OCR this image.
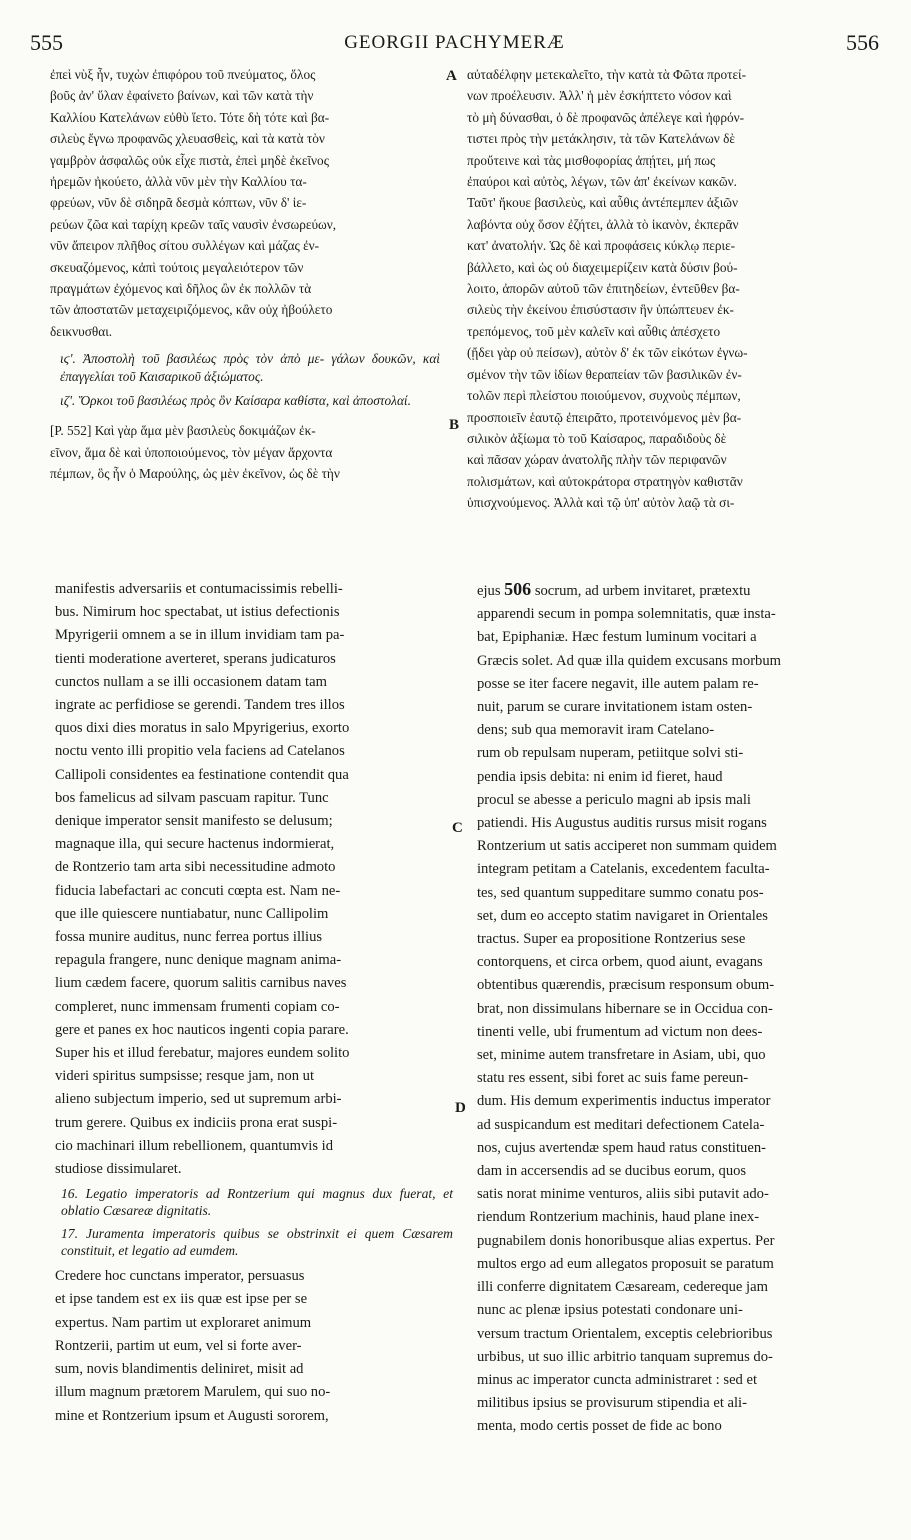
555	GEORGII PACHYMERÆ	556
ἐπεὶ νὺξ ἦν, τυχὼν ἐπιφόρου τοῦ πνεύματος, ὅλος
βοῦς ἀν' ὕλαν ἐφαίνετο βαίνων, καὶ τῶν κατὰ τὴν
Καλλίου Κατελάνων εὐθὺ ἵετο. Τότε δὴ τότε καὶ βα-
σιλεὺς ἔγνω προφανῶς χλευασθεὶς, καὶ τὰ κατὰ τὸν
γαμβρὸν ἀσφαλῶς οὐκ εἶχε πιστὰ, ἐπεὶ μηδὲ ἐκεῖνος
ἠρεμῶν ἠκούετο, ἀλλὰ νῦν μὲν τὴν Καλλίου τα-
φρεύων, νῦν δὲ σιδηρᾶ δεσμὰ κόπτων, νῦν δ' ἱε-
ρεύων ζῶα καὶ ταρίχη κρεῶν ταῖς ναυσὶν ἐνσωρεύων,
νῦν ἄπειρον πλῆθος σίτου συλλέγων καὶ μάζας ἐν-
σκευαζόμενος, κἀπὶ τούτοις μεγαλειότερον τῶν
πραγμάτων ἐχόμενος καὶ δῆλος ὢν ἐκ πολλῶν τὰ
τῶν ἀποστατῶν μεταχειριζόμενος, κἂν οὐχ ἠβούλετο
δεικνυσθαι.
ιϛ'. Ἀποστολὴ τοῦ βασιλέως πρὸς τὸν ἀπὸ με- γάλων δουκῶν, καὶ ἐπαγγελίαι τοῦ Καισαρικοῦ ἀξιώματος.
ιζ'. Ὅρκοι τοῦ βασιλέως πρὸς ὃν Καίσαρα καθίστα, καὶ ἀποστολαί.
[P. 552] Καὶ γὰρ ἅμα μὲν βασιλεὺς δοκιμάζων ἐκ-
εῖνον, ἅμα δὲ καὶ ὑποποιούμενος, τὸν μέγαν ἄρχοντα
πέμπων, ὃς ἦν ὁ Μαρούλης, ὡς μὲν ἐκεῖνον, ὡς δὲ τὴν
αὐταδέλφην μετεκαλεῖτο, τὴν κατὰ τὰ Φῶτα προτεί-
νων προέλευσιν. Ἀλλ' ἡ μὲν ἐσκήπτετο νόσον καὶ
τὸ μὴ δύνασθαι, ὁ δὲ προφανῶς ἀπέλεγε καὶ ἠφρόν-
τιστει πρὸς τὴν μετάκλησιν, τὰ τῶν Κατελάνων δὲ
προὔτεινε καὶ τὰς μισθοφορίας ἀπῄτει, μή πως
ἐπαύροι καὶ αὐτὸς, λέγων, τῶν ἀπ' ἐκείνων κακῶν.
Ταῦτ' ἤκουε βασιλεὺς, καὶ αὖθις ἀντέπεμπεν ἀξιῶν
λαβόντα οὐχ ὅσον ἐζήτει, ἀλλὰ τὸ ἱκανὸν, ἐκπερᾶν
κατ' ἀνατολήν. Ὡς δὲ καὶ προφάσεις κύκλῳ περιε-
βάλλετο, καὶ ὡς οὐ διαχειμερίζειν κατὰ δύσιν βού-
λοιτο, ἀπορῶν αὐτοῦ τῶν ἐπιτηδείων, ἐντεῦθεν βα-
σιλεὺς τὴν ἐκείνου ἐπισύστασιν ἣν ὑπώπτευεν ἐκ-
τρεπόμενος, τοῦ μὲν καλεῖν καὶ αὖθις ἀπέσχετο
(ᾔδει γὰρ οὐ πείσων), αὐτὸν δ' ἐκ τῶν εἰκότων ἐγνω-
σμένον τὴν τῶν ἰδίων θεραπείαν τῶν βασιλικῶν ἐν-
τολῶν περὶ πλείστου ποιούμενον, συχνοὺς πέμπων,
προσποιεῖν ἑαυτῷ ἐπειρᾶτο, προτεινόμενος μὲν βα-
σιλικὸν ἀξίωμα τὸ τοῦ Καίσαρος, παραδιδοὺς δὲ
καὶ πᾶσαν χώραν ἀνατολῆς πλὴν τῶν περιφανῶν
πολισμάτων, καὶ αὐτοκράτορα στρατηγὸν καθιστᾶν
ὑπισχνούμενος. Ἀλλὰ καὶ τῷ ὑπ' αὐτὸν λαῷ τὰ σι-
A
B
C
D
manifestis adversariis et contumacissimis rebelli-
bus. Nimirum hoc spectabat, ut istius defectionis
Mpyrigerii omnem a se in illum invidiam tam pa-
tienti moderatione averteret, sperans judicaturos
cunctos nullam a se illi occasionem datam tam
ingrate ac perfidiose se gerendi. Tandem tres illos
quos dixi dies moratus in salo Mpyrigerius, exorto
noctu vento illi propitio vela faciens ad Catelanos
Callipoli considentes ea festinatione contendit qua
bos famelicus ad silvam pascuam rapitur. Tunc
denique imperator sensit manifesto se delusum;
magnaque illa, qui secure hactenus indormierat,
de Rontzerio tam arta sibi necessitudine admoto
fiducia labefactari ac concuti cœpta est. Nam ne-
que ille quiescere nuntiabatur, nunc Callipolim
fossa munire auditus, nunc ferrea portus illius
repagula frangere, nunc denique magnam anima-
lium cædem facere, quorum salitis carnibus naves
compleret, nunc immensam frumenti copiam co-
gere et panes ex hoc nauticos ingenti copia parare.
Super his et illud ferebatur, majores eundem solito
videri spiritus sumpsisse; resque jam, non ut
alieno subjectum imperio, sed ut supremum arbi-
trum gerere. Quibus ex indiciis prona erat suspi-
cio machinari illum rebellionem, quantumvis id
studiose dissimularet.
16. Legatio imperatoris ad Rontzerium qui magnus dux fuerat, et oblatio Cæsareæ dignitatis.
17. Juramenta imperatoris quibus se obstrinxit ei quem Cæsarem constituit, et legatio ad eumdem.
Credere hoc cunctans imperator, persuasus
et ipse tandem est ex iis quæ est ipse per se
expertus. Nam partim ut exploraret animum
Rontzerii, partim ut eum, vel si forte aver-
sum, novis blandimentis deliniret, misit ad
illum magnum prætorem Marulem, qui suo no-
mine et Rontzerium ipsum et Augusti sororem,
ejus 506 socrum, ad urbem invitaret, prætextu
apparendi secum in pompa solemnitatis, quæ insta-
bat, Epiphaniæ. Hæc festum luminum vocitari a
Græcis solet. Ad quæ illa quidem excusans morbum
posse se iter facere negavit, ille autem palam re-
nuit, parum se curare invitationem istam osten-
dens; sub qua memoravit iram Catelano-
rum ob repulsam nuperam, petiitque solvi sti-
pendia ipsis debita: ni enim id fieret, haud
procul se abesse a periculo magni ab ipsis mali
patiendi. His Augustus auditis rursus misit rogans
Rontzerium ut satis acciperet non summam quidem
integram petitam a Catelanis, excedentem faculta-
tes, sed quantum suppeditare summo conatu pos-
set, dum eo accepto statim navigaret in Orientales
tractus. Super ea propositione Rontzerius sese
contorquens, et circa orbem, quod aiunt, evagans
obtentibus quærendis, præcisum responsum obum-
brat, non dissimulans hibernare se in Occidua con-
tinenti velle, ubi frumentum ad victum non dees-
set, minime autem transfretare in Asiam, ubi, quo
statu res essent, sibi foret ac suis fame pereun-
dum. His demum experimentis inductus imperator
ad suspicandum est meditari defectionem Catela-
nos, cujus avertendæ spem haud ratus constituen-
dam in accersendis ad se ducibus eorum, quos
satis norat minime venturos, aliis sibi putavit ado-
riendum Rontzerium machinis, haud plane inex-
pugnabilem donis honoribusque alias expertus. Per
multos ergo ad eum allegatos proposuit se paratum
illi conferre dignitatem Cæsaream, cedereque jam
nunc ac plenæ ipsius potestati condonare uni-
versum tractum Orientalem, exceptis celebrioribus
urbibus, ut suo illic arbitrio tanquam supremus do-
minus ac imperator cuncta administraret : sed et
militibus ipsius se provisurum stipendia et ali-
menta, modo certis posset de fide ac bono
